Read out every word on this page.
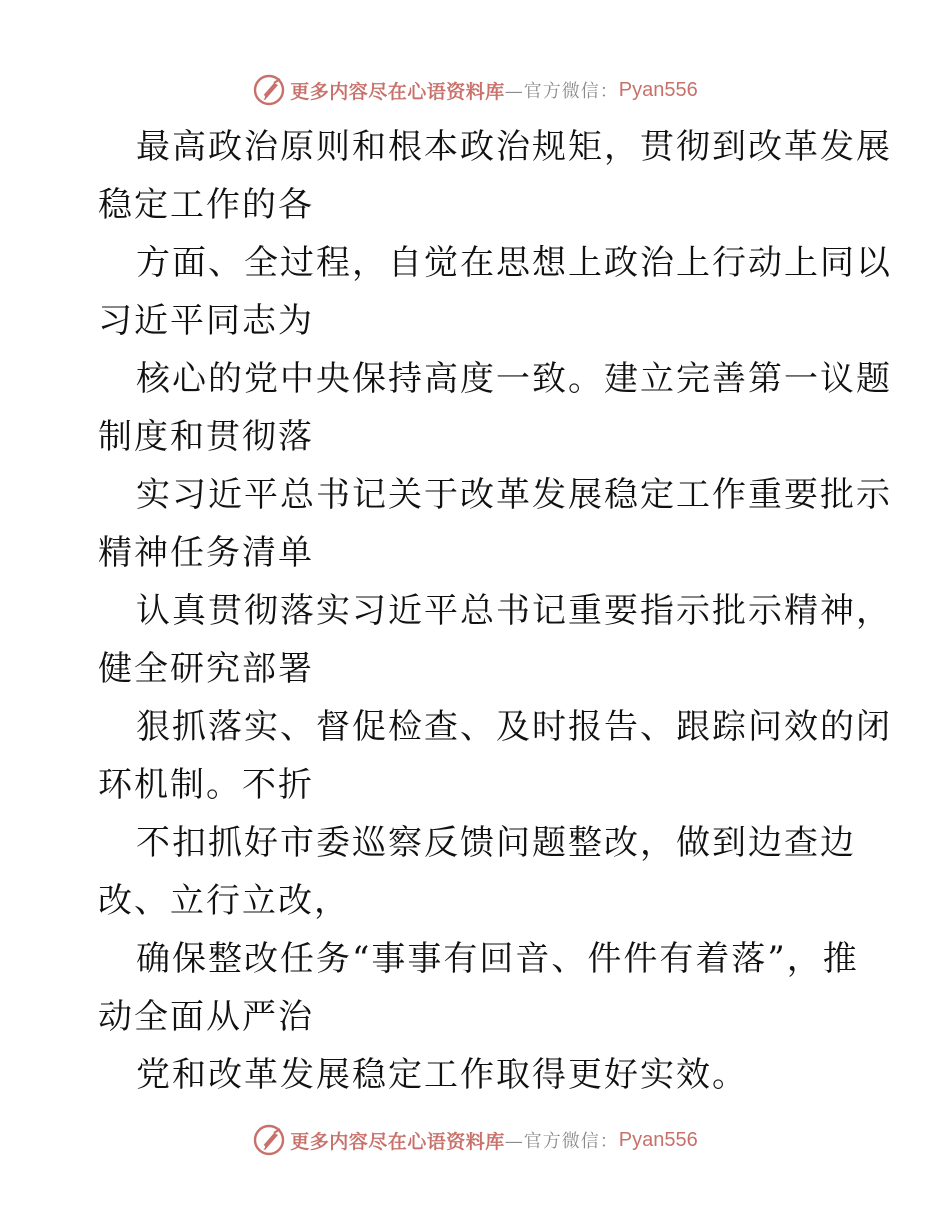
更多内容尽在心语资料库 —官方微信： Pyan556
最高政治原则和根本政治规矩，贯彻到改革发展
稳定工作的各
方面、全过程，自觉在思想上政治上行动上同以
习近平同志为
核心的党中央保持高度一致。建立完善第一议题
制度和贯彻落
实习近平总书记关于改革发展稳定工作重要批示
精神任务清单
认真贯彻落实习近平总书记重要指示批示精神，
健全研究部署
狠抓落实、督促检查、及时报告、跟踪问效的闭
环机制。不折
不扣抓好市委巡察反馈问题整改，做到边查边
改、立行立改，
确保整改任务“事事有回音、件件有着落”，推
动全面从严治
党和改革发展稳定工作取得更好实效。
更多内容尽在心语资料库 —官方微信： Pyan556
